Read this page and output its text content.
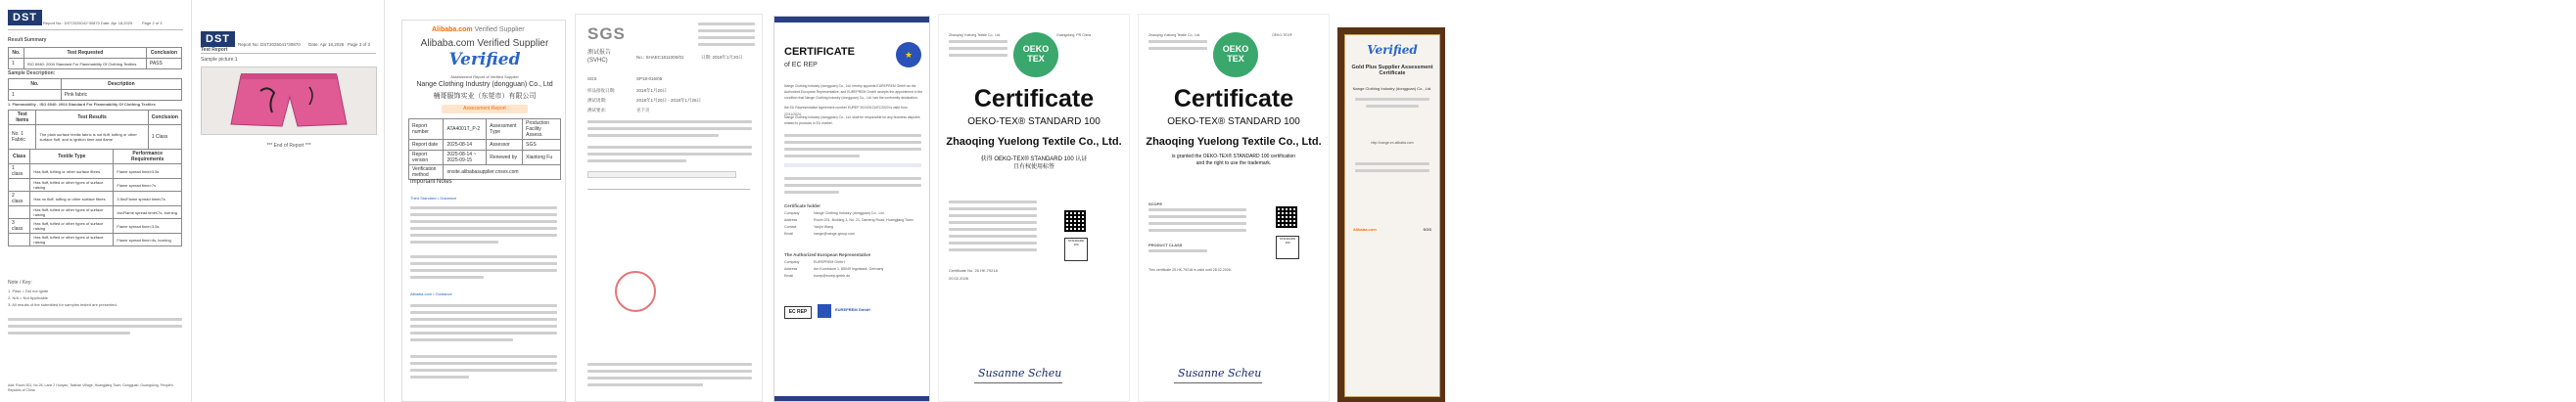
DST	Report No.: DST2025041*30870 Date: Apr 18,2025 Page 2 of 3
Result Summary
No.	Test Requested	Conclusion
1	ISO 6940: 2004 Standard For Flammability Of Clothing Textiles	PASS
Sample Description:
No.	Description
1	Pink fabric
1. Flammability - ISO 6940: 2004 Standard For Flammability Of Clothing Textiles
Test Items	Test Results	Conclusion
No. 1 Fabric	The plain surface textile fabric is not fluff, tufting or other surface fluff, and is ignition time and flame	1 Class
Class	Textile Type	Performance Requirements
1 class	Has fluff, tufting or other surface fibres	Flame spread time≥3.5s
	Has fluff, tufted or other types of surface raising	Flame spread time>7s
2 class	Has no fluff, tufting or other surface fibres	3.5s≤Flame spread time≤7s
	Has fluff, tufted or other types of surface raising	4s≤Flame spread time≤7s, burning
3 class	Has fluff, tufted or other types of surface raising	Flame spread time<3.5s
	Has fluff, tufted or other types of surface raising	Flame spread time<4s, burning
Note / Key:
1. Pass = Did not ignite
2. N/A = Not Applicable
3. All results of the submitted for samples tested are presented.
Add: Room 301, No.26, Lane 2 Huoyan, Taishan Village, Huangjiang Town, Dongguan, Guangdong, People's Republic of China
DST
Test Report
Report No: DST2025041*30870 Date: Apr 18,2025 Page 3 of 3
Sample picture:1
*** End of Report ***
Alibaba.com Verified Supplier
Alibaba.com Verified Supplier
Verified
Assessment Report of Verified Supplier
Nange Clothing Industry (dongguan) Co., Ltd
楠哥服饰实业（东莞市）有限公司
Assessment Report
Report number	ATA4001T_P-2	Assessment Type	Production Facility Assess.
Report date	2025-08-14	Assessor	SGS
Report version	2025-08-14 ~ 2025-09-15	Renewed by	Xiaotong Fu
Verification method	onsite.alibabasupplier.cnsvs.com		
Important Notes
Third Standard • Guidance
Alibaba.com • Guidance
SGS
测试报告
(SVHC)
No.: SHAEC1811000/01	日期: 2018年1月20日
SGS	SP18-016/05
样品接收日期:	2018年1月20日
测试周期:	2018年1月20日 - 2018年1月26日
测试要求:	见下页
CERTIFICATE
of EC REP
★
Nange Clothing Industry (dongguan) Co., Ltd. hereby appoints EUREPREM GmbH as the
Authorized European Representative, and EUREPREM GmbH accepts the appointment in the
condition that Nange Clothing Industry (dongguan) Co., Ltd. has the conformity declaration,
the EU Representative Agreement number EUREP 2024/0121/EC2020 is valid from 22/11/2024.
Nange Clothing Industry (dongguan) Co., Ltd. shall be responsible for any business disputes
related to products in EU market.
Certificate holder
Company	Nange Clothing Industry (dongguan) Co., Ltd.
Address	Room 201, Building 3, No. 21, Dameng Road, Huangjiang Town
Contact	Yaojin Wang
Email	nange@nange-group.com
The Authorized European Representative
Company	EUREPREM GmbH
Address	Am Kornbaum 1, 85049 Ingolstadt, Germany
Email	eurep@eurep-gmbh.de
EC REP	EUREPREM GmbH
Zhaoqing Yuelong Textile Co., Ltd.	Guangdong, PR China
OEKO TEX
Certificate
OEKO-TEX® STANDARD 100
Zhaoqing Yuelong Textile Co., Ltd.
获得 OEKO-TEX® STANDARD 100 认证
且有权使用标签
Certificate No. 25.HK.79218
20.02.2026
STANDARD 100
Susanne Scheu
Zhaoqing Yuelong Textile Co., Ltd.	OEKO-TEX®
OEKO TEX
Certificate
OEKO-TEX® STANDARD 100
Zhaoqing Yuelong Textile Co., Ltd.
is granted the OEKO-TEX® STANDARD 100 certification
and the right to use the trademark.
SCOPE
PRODUCT CLASS
This certificate 25.HK.79218 is valid until 28.02.2026.
STANDARD 100
Susanne Scheu
Verified
Gold Plus Supplier Assessment Certificate
Nange Clothing Industry (dongguan) Co., Ltd.
http://nange.en.alibaba.com
Alibaba.com	SGS
